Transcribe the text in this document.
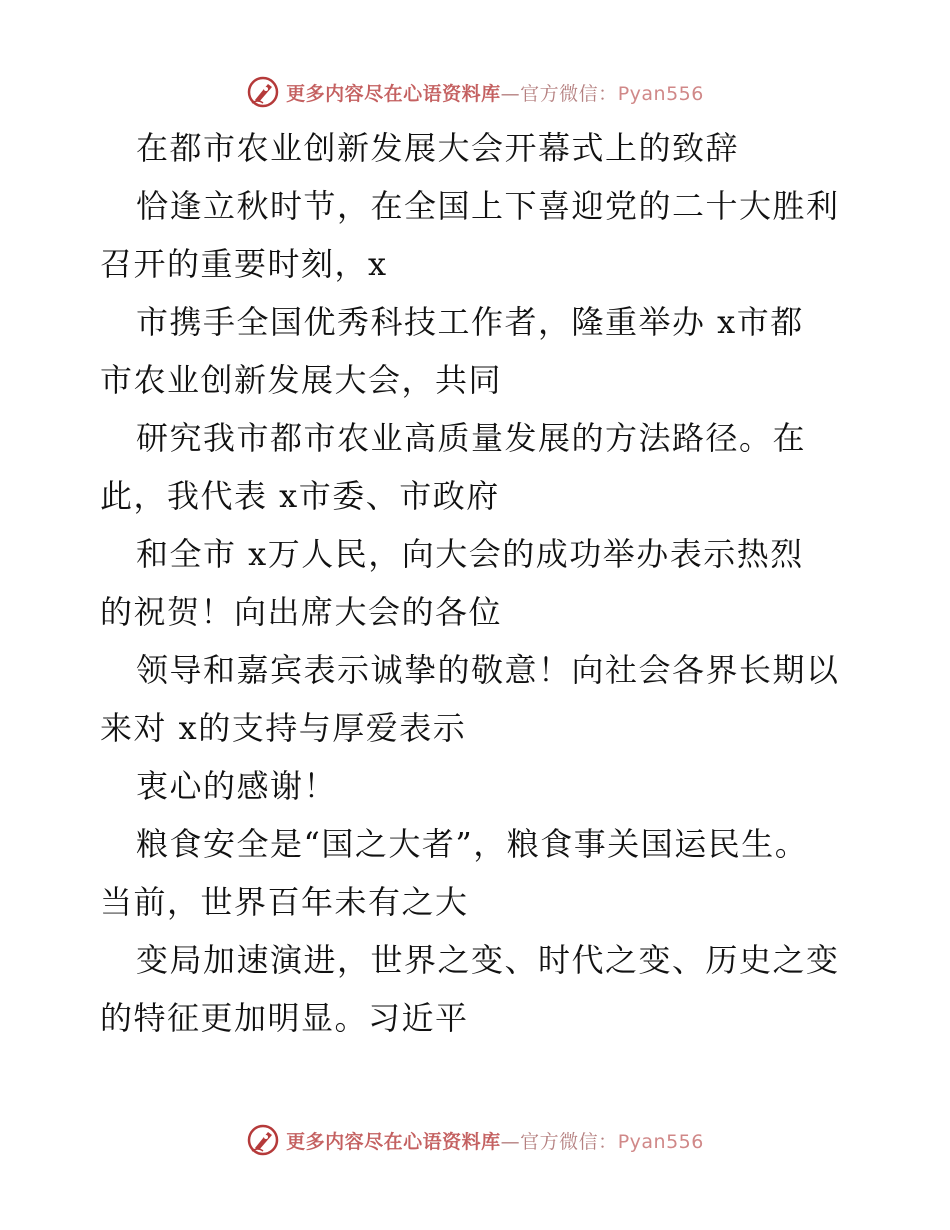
更多内容尽在心语资料库—官方微信：Pyan556
在都市农业创新发展大会开幕式上的致辞
恰逢立秋时节，在全国上下喜迎党的二十大胜利
召开的重要时刻，x
市携手全国优秀科技工作者，隆重举办 x市都
市农业创新发展大会，共同
研究我市都市农业高质量发展的方法路径。在
此，我代表 x市委、市政府
和全市 x万人民，向大会的成功举办表示热烈
的祝贺！向出席大会的各位
领导和嘉宾表示诚挚的敬意！向社会各界长期以
来对 x的支持与厚爱表示
衷心的感谢！
粮食安全是“国之大者”，粮食事关国运民生。
当前，世界百年未有之大
变局加速演进，世界之变、时代之变、历史之变
的特征更加明显。习近平
更多内容尽在心语资料库—官方微信：Pyan556
